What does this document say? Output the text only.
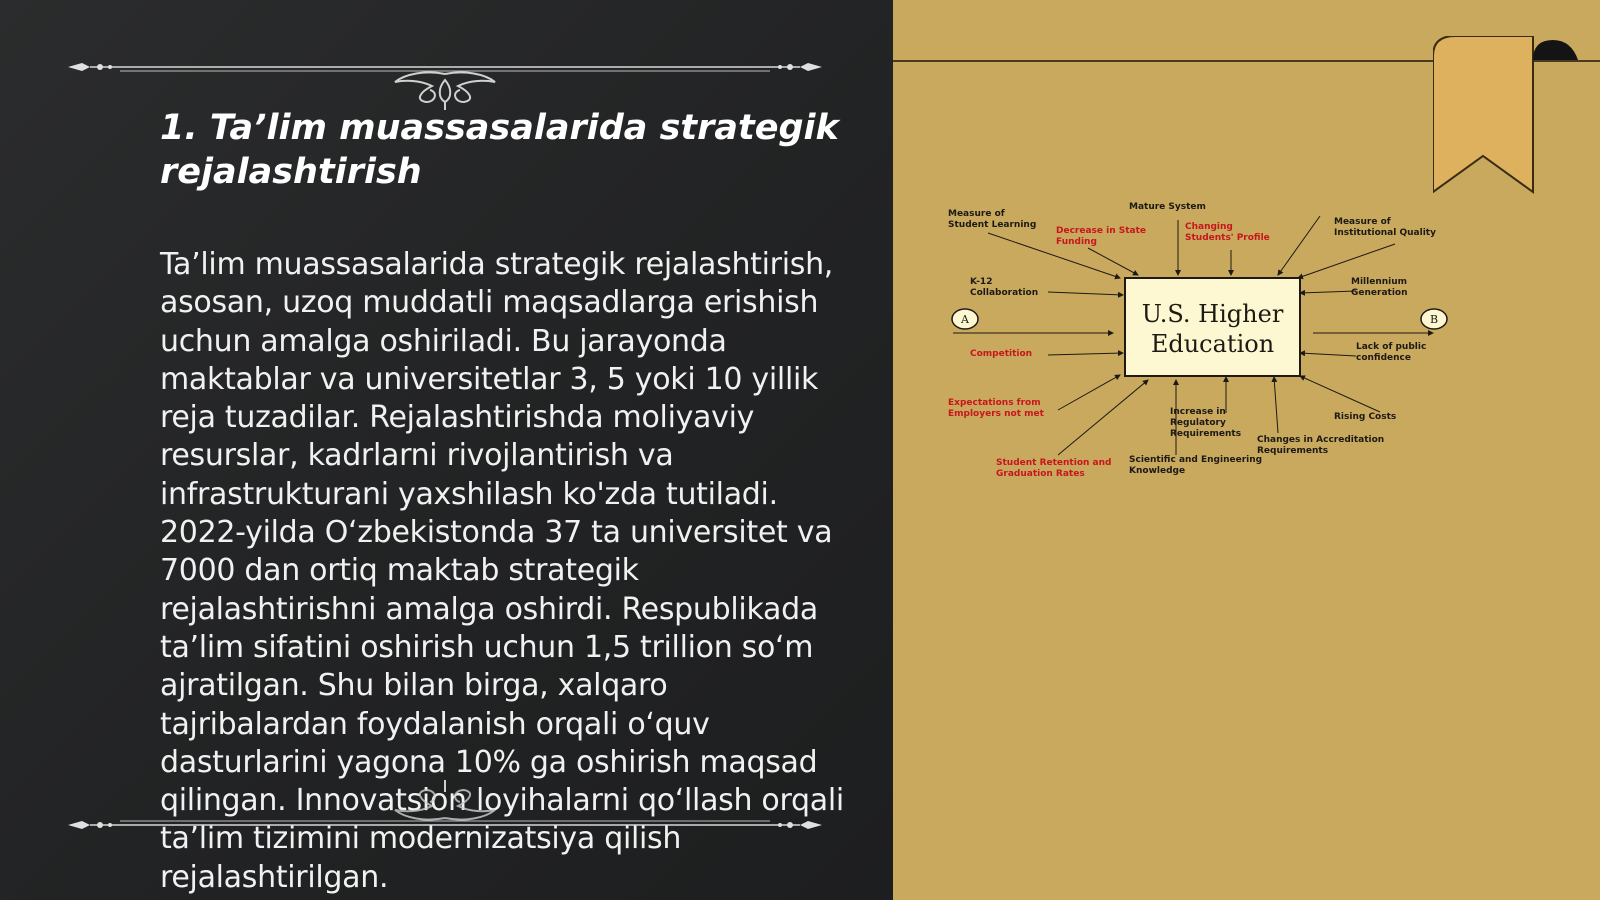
1. Ta’lim muassasalarida strategik rejalashtirish

Ta’lim muassasalarida strategik rejalashtirish, asosan, uzoq muddatli maqsadlarga erishish uchun amalga oshiriladi. Bu jarayonda maktablar va universitetlar 3, 5 yoki 10 yillik reja tuzadilar. Rejalashtirishda moliyaviy resurslar, kadrlarni rivojlantirish va infrastrukturani yaxshilash ko'zda tutiladi. 2022-yilda O‘zbekistonda 37 ta universitet va 7000 dan ortiq maktab strategik rejalashtirishni amalga oshirdi. Respublikada ta’lim sifatini oshirish uchun 1,5 trillion so‘m ajratilgan. Shu bilan birga, xalqaro tajribalardan foydalanish orqali o‘quv dasturlarini yagona 10% ga oshirish maqsad qilingan. Innovatsion loyihalarni qo‘llash orqali ta’lim tizimini modernizatsiya qilish rejalashtirilgan.

U.S. Higher
Education
A	B
Measure of
Student Learning
Decrease in State
Funding
Mature System
Changing
Students' Profile
Measure of
Institutional Quality
K-12
Collaboration
Millennium
Generation
Competition
Lack of public
confidence
Expectations from
Employers not met	Increase in
Regulatory
Requirements
Rising Costs
Changes in Accreditation
Requirements
Student Retention and
Graduation Rates
Scientific and Engineering
Knowledge
